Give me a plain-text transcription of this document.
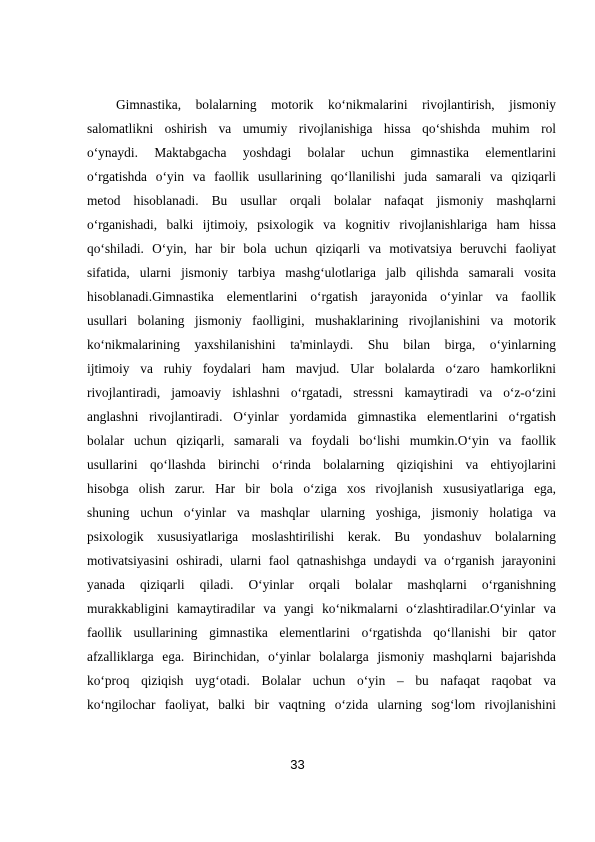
Gimnastika, bolalarning motorik ko‘nikmalarini rivojlantirish, jismoniy
salomatlikni oshirish va umumiy rivojlanishiga hissa qo‘shishda muhim rol
o‘ynaydi. Maktabgacha yoshdagi bolalar uchun gimnastika elementlarini
o‘rgatishda o‘yin va faollik usullarining qo‘llanilishi juda samarali va qiziqarli
metod hisoblanadi. Bu usullar orqali bolalar nafaqat jismoniy mashqlarni
o‘rganishadi, balki ijtimoiy, psixologik va kognitiv rivojlanishlariga ham hissa
qo‘shiladi. O‘yin, har bir bola uchun qiziqarli va motivatsiya beruvchi faoliyat
sifatida, ularni jismoniy tarbiya mashg‘ulotlariga jalb qilishda samarali vosita
hisoblanadi.Gimnastika elementlarini o‘rgatish jarayonida o‘yinlar va faollik
usullari bolaning jismoniy faolligini, mushaklarining rivojlanishini va motorik
ko‘nikmalarining yaxshilanishini ta'minlaydi. Shu bilan birga, o‘yinlarning
ijtimoiy va ruhiy foydalari ham mavjud. Ular bolalarda o‘zaro hamkorlikni
rivojlantiradi, jamoaviy ishlashni o‘rgatadi, stressni kamaytiradi va o‘z-o‘zini
anglashni rivojlantiradi. O‘yinlar yordamida gimnastika elementlarini o‘rgatish
bolalar uchun qiziqarli, samarali va foydali bo‘lishi mumkin.O‘yin va faollik
usullarini qo‘llashda birinchi o‘rinda bolalarning qiziqishini va ehtiyojlarini
hisobga olish zarur. Har bir bola o‘ziga xos rivojlanish xususiyatlariga ega,
shuning uchun o‘yinlar va mashqlar ularning yoshiga, jismoniy holatiga va
psixologik xususiyatlariga moslashtirilishi kerak. Bu yondashuv bolalarning
motivatsiyasini oshiradi, ularni faol qatnashishga undaydi va o‘rganish jarayonini
yanada qiziqarli qiladi. O‘yinlar orqali bolalar mashqlarni o‘rganishning
murakkabligini kamaytiradilar va yangi ko‘nikmalarni o‘zlashtiradilar.O‘yinlar va
faollik usullarining gimnastika elementlarini o‘rgatishda qo‘llanishi bir qator
afzalliklarga ega. Birinchidan, o‘yinlar bolalarga jismoniy mashqlarni bajarishda
ko‘proq qiziqish uyg‘otadi. Bolalar uchun o‘yin – bu nafaqat raqobat va
ko‘ngilochar faoliyat, balki bir vaqtning o‘zida ularning sog‘lom rivojlanishini
33
